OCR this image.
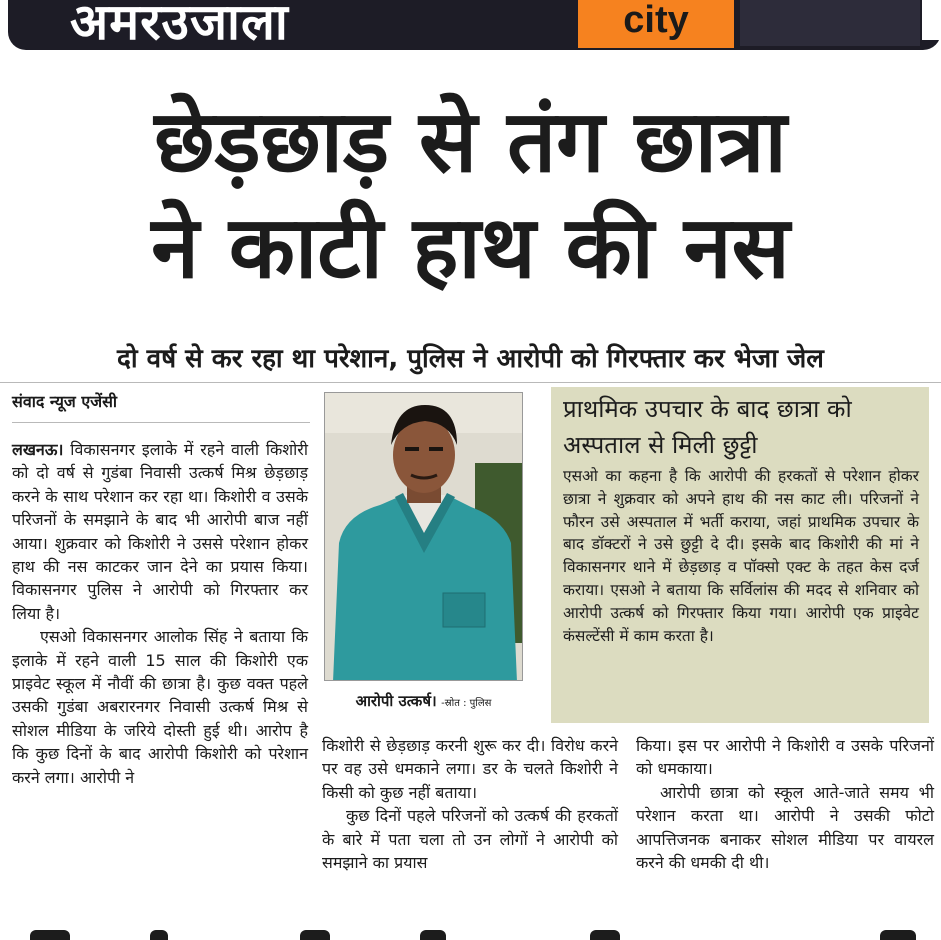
अमरउजाला	city
छेड़छाड़ से तंग छात्रा
ने काटी हाथ की नस
दो वर्ष से कर रहा था परेशान, पुलिस ने आरोपी को गिरफ्तार कर भेजा जेल
संवाद न्यूज एजेंसी

लखनऊ। विकासनगर इलाके में रहने वाली किशोरी को दो वर्ष से गुडंबा निवासी उत्कर्ष मिश्र छेड़छाड़ करने के साथ परेशान कर रहा था। किशोरी व उसके परिजनों के समझाने के बाद भी आरोपी बाज नहीं आया। शुक्रवार को किशोरी ने उससे परेशान होकर हाथ की नस काटकर जान देने का प्रयास किया। विकासनगर पुलिस ने आरोपी को गिरफ्तार कर लिया है।

एसओ विकासनगर आलोक सिंह ने बताया कि इलाके में रहने वाली 15 साल की किशोरी एक प्राइवेट स्कूल में नौवीं की छात्रा है। कुछ वक्त पहले उसकी गुडंबा अबरारनगर निवासी उत्कर्ष मिश्र से सोशल मीडिया के जरिये दोस्ती हुई थी। आरोप है कि कुछ दिनों के बाद आरोपी किशोरी को परेशान करने लगा। आरोपी ने

आरोपी उत्कर्ष। -स्रोत : पुलिस
प्राथमिक उपचार के बाद छात्रा को अस्पताल से मिली छुट्टी
एसओ का कहना है कि आरोपी की हरकतों से परेशान होकर छात्रा ने शुक्रवार को अपने हाथ की नस काट ली। परिजनों ने फौरन उसे अस्पताल में भर्ती कराया, जहां प्राथमिक उपचार के बाद डॉक्टरों ने उसे छुट्टी दे दी। इसके बाद किशोरी की मां ने विकासनगर थाने में छेड़छाड़ व पॉक्सो एक्ट के तहत केस दर्ज कराया। एसओ ने बताया कि सर्विलांस की मदद से शनिवार को आरोपी उत्कर्ष को गिरफ्तार किया गया। आरोपी एक प्राइवेट कंसल्टेंसी में काम करता है।

किशोरी से छेड़छाड़ करनी शुरू कर दी। विरोध करने पर वह उसे धमकाने लगा। डर के चलते किशोरी ने किसी को कुछ नहीं बताया।

कुछ दिनों पहले परिजनों को उत्कर्ष की हरकतों के बारे में पता चला तो उन लोगों ने आरोपी को समझाने का प्रयास

किया। इस पर आरोपी ने किशोरी व उसके परिजनों को धमकाया।

आरोपी छात्रा को स्कूल आते-जाते समय भी परेशान करता था। आरोपी ने उसकी फोटो आपत्तिजनक बनाकर सोशल मीडिया पर वायरल करने की धमकी दी थी।
